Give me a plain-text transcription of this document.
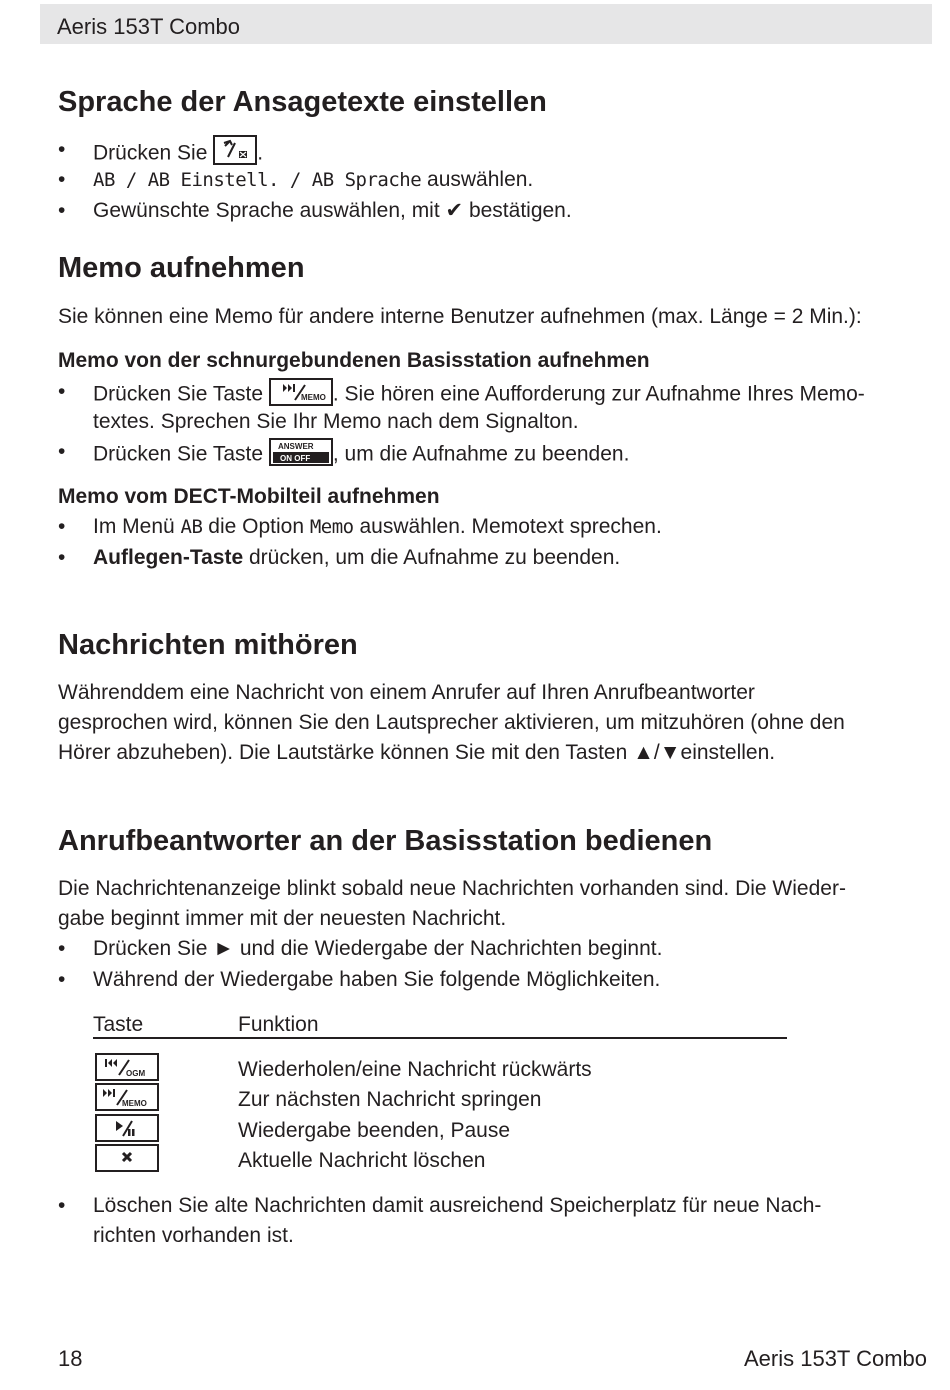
Aeris 153T Combo
Sprache der Ansagetexte einstellen
• Drücken Sie .
• AB / AB Einstell. / AB Sprache auswählen.
• Gewünschte Sprache auswählen, mit ✔ bestätigen.
Memo aufnehmen
Sie können eine Memo für andere interne Benutzer aufnehmen (max. Länge = 2 Min.):
Memo von der schnurgebundenen Basisstation aufnehmen
• Drücken Sie Taste	MEMO . Sie hören eine Aufforderung zur Aufnahme Ihres Memo-
textes. Sprechen Sie Ihr Memo nach dem Signalton.
• Drücken Sie Taste ANSWER
ON OFF , um die Aufnahme zu beenden.
Memo vom DECT-Mobilteil aufnehmen
• Im Menü AB die Option Memo auswählen. Memotext sprechen.
• Auflegen-Taste drücken, um die Aufnahme zu beenden.
Nachrichten mithören
Währenddem eine Nachricht von einem Anrufer auf Ihren Anrufbeantworter
gesprochen wird, können Sie den Lautsprecher aktivieren, um mitzuhören (ohne den
Hörer abzuheben). Die Lautstärke können Sie mit den Tasten ▲/▼einstellen.
Anrufbeantworter an der Basisstation bedienen
Die Nachrichtenanzeige blinkt sobald neue Nachrichten vorhanden sind. Die Wieder-
gabe beginnt immer mit der neuesten Nachricht.
• Drücken Sie ► und die Wiedergabe der Nachrichten beginnt.
• Während der Wiedergabe haben Sie folgende Möglichkeiten.
Taste	Funktion
OGM	Wiederholen/eine Nachricht rückwärts
MEMO	Zur nächsten Nachricht springen
Wiedergabe beenden, Pause
Aktuelle Nachricht löschen
• Löschen Sie alte Nachrichten damit ausreichend Speicherplatz für neue Nach-
richten vorhanden ist.
18	Aeris 153T Combo
